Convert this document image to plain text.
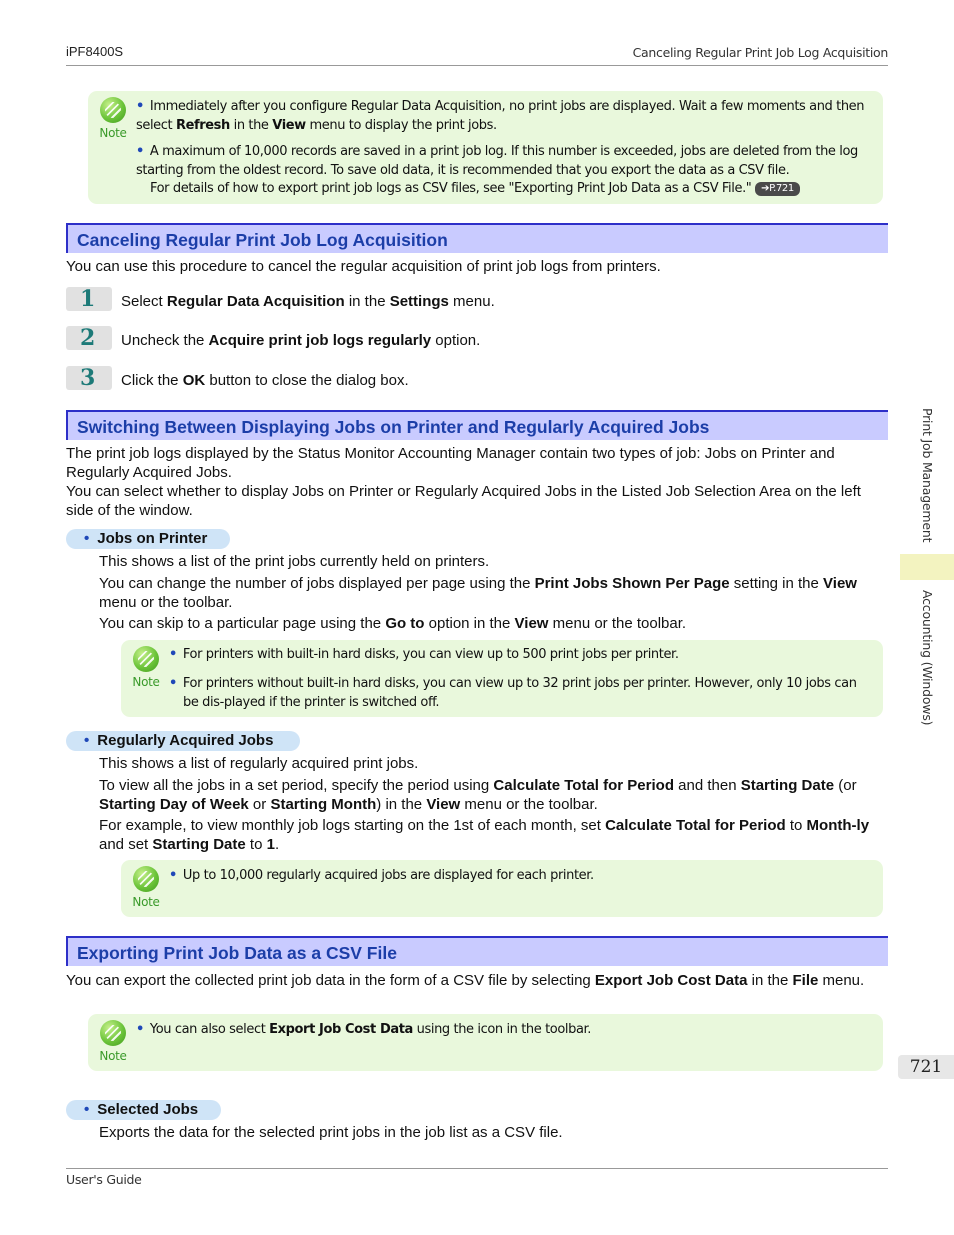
iPF8400S	Canceling Regular Print Job Log Acquisition
Note
• Immediately after you configure Regular Data Acquisition, no print jobs are displayed. Wait a few moments and then select Refresh in the View menu to display the print jobs.
• A maximum of 10,000 records are saved in a print job log. If this number is exceeded, jobs are deleted from the log starting from the oldest record. To save old data, it is recommended that you export the data as a CSV file.
For details of how to export print job logs as CSV files, see "Exporting Print Job Data as a CSV File." ➔P.721
Canceling Regular Print Job Log Acquisition
You can use this procedure to cancel the regular acquisition of print job logs from printers.
1	Select Regular Data Acquisition in the Settings menu.
2	Uncheck the Acquire print job logs regularly option.
3	Click the OK button to close the dialog box.
Switching Between Displaying Jobs on Printer and Regularly Acquired Jobs
The print job logs displayed by the Status Monitor Accounting Manager contain two types of job: Jobs on Printer and Regularly Acquired Jobs.
You can select whether to display Jobs on Printer or Regularly Acquired Jobs in the Listed Job Selection Area on the left side of the window.
• Jobs on Printer
This shows a list of the print jobs currently held on printers.
You can change the number of jobs displayed per page using the Print Jobs Shown Per Page setting in the View menu or the toolbar.
You can skip to a particular page using the Go to option in the View menu or the toolbar.
Note
• For printers with built-in hard disks, you can view up to 500 print jobs per printer.
• For printers without built-in hard disks, you can view up to 32 print jobs per printer. However, only 10 jobs can be dis-played if the printer is switched off.
• Regularly Acquired Jobs
This shows a list of regularly acquired print jobs.
To view all the jobs in a set period, specify the period using Calculate Total for Period and then Starting Date (or Starting Day of Week or Starting Month) in the View menu or the toolbar.
For example, to view monthly job logs starting on the 1st of each month, set Calculate Total for Period to Month-ly and set Starting Date to 1.
Note
• Up to 10,000 regularly acquired jobs are displayed for each printer.
Exporting Print Job Data as a CSV File
You can export the collected print job data in the form of a CSV file by selecting Export Job Cost Data in the File menu.
Note
• You can also select Export Job Cost Data using the icon in the toolbar.
• Selected Jobs
Exports the data for the selected print jobs in the job list as a CSV file.
Print Job Management
Accounting (Windows)
721
User's Guide
